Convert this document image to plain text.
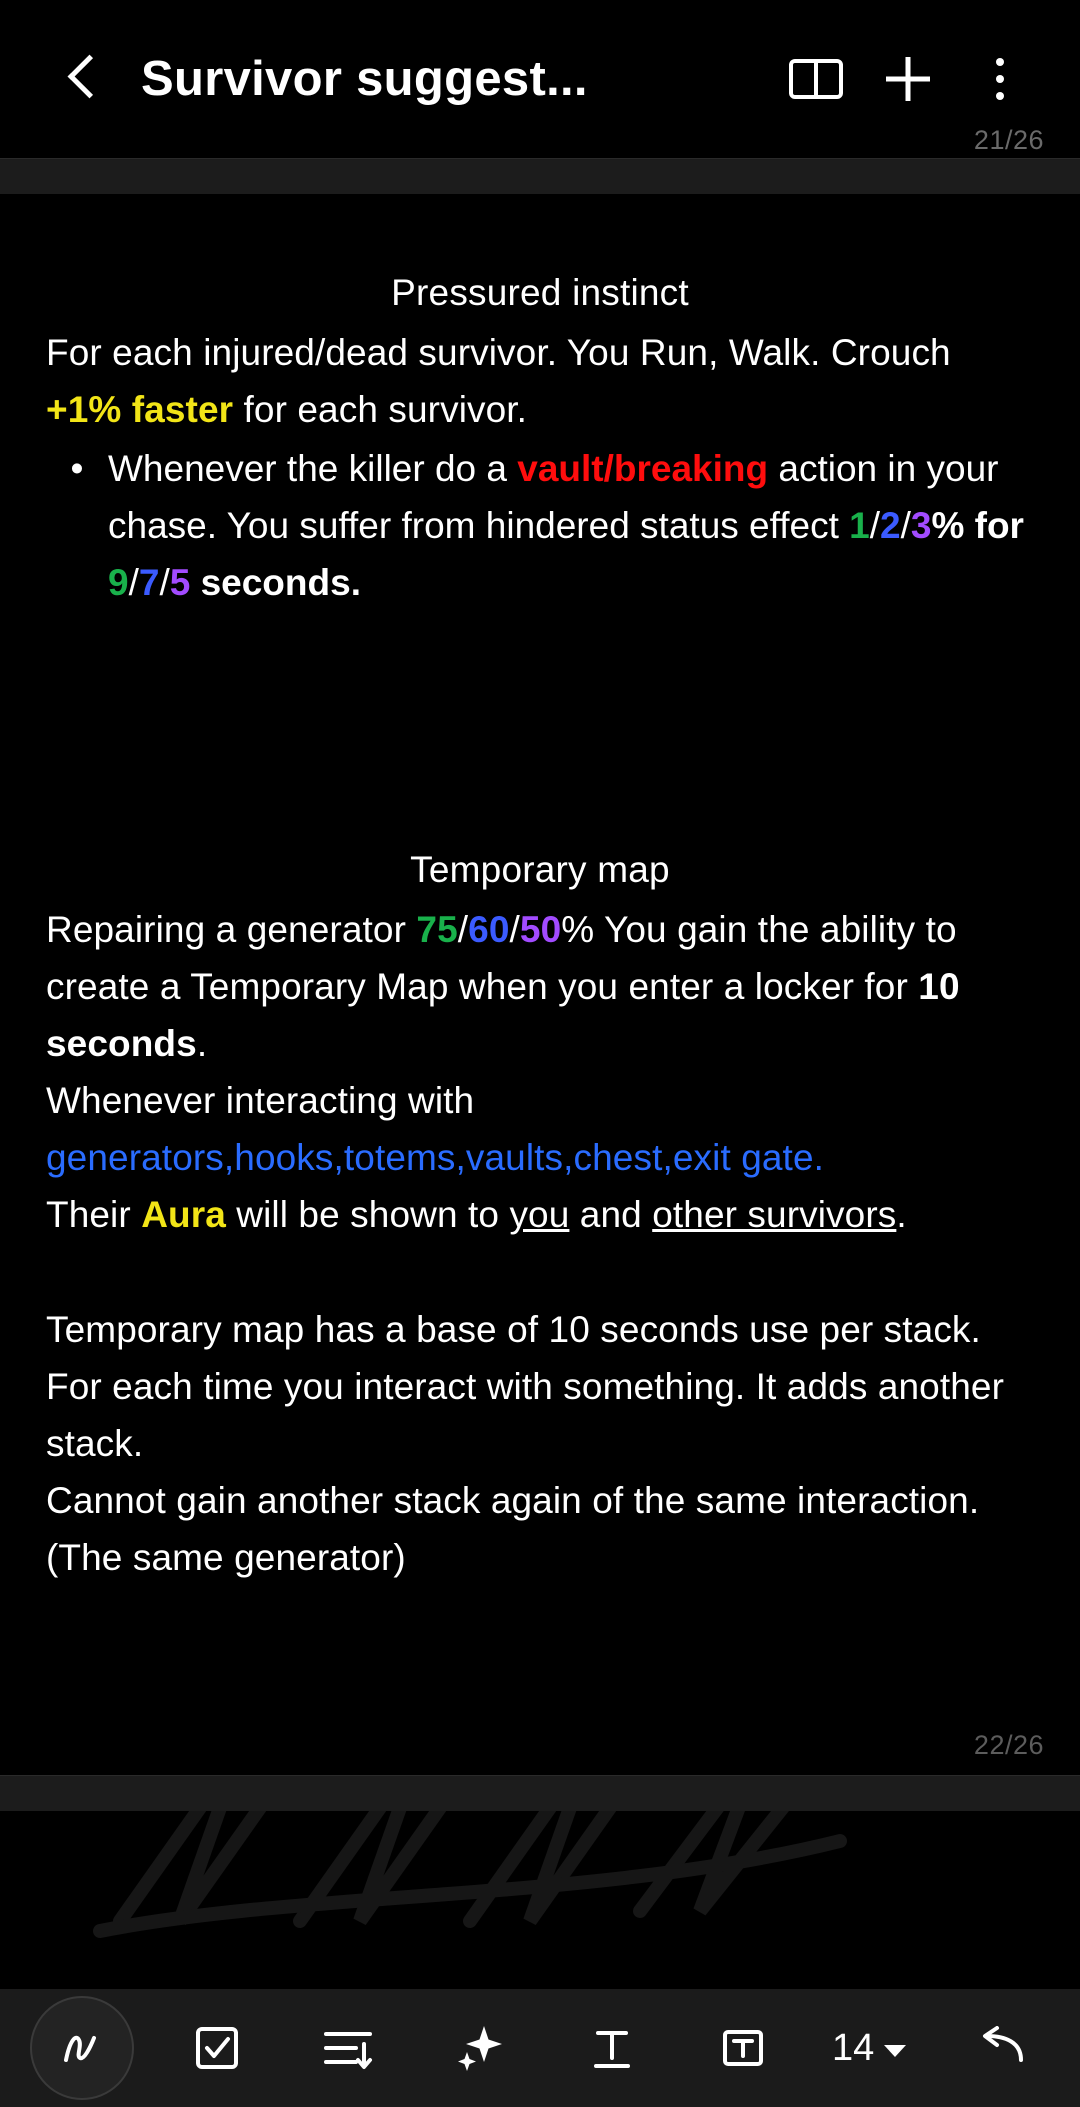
Survivor suggest...
21/26
Pressured instinct
For each injured/dead survivor. You Run, Walk. Crouch +1% faster for each survivor.
• Whenever the killer do a vault/breaking action in your chase. You suffer from hindered status effect 1/2/3% for 9/7/5 seconds.
Temporary map
Repairing a generator 75/60/50% You gain the ability to create a Temporary Map when you enter a locker for 10 seconds.
Whenever interacting with
generators,hooks,totems,vaults,chest,exit gate.
Their Aura will be shown to you and other survivors.
Temporary map has a base of 10 seconds use per stack. For each time you interact with something. It adds another stack.
Cannot gain another stack again of the same interaction. (The same generator)
22/26
14
